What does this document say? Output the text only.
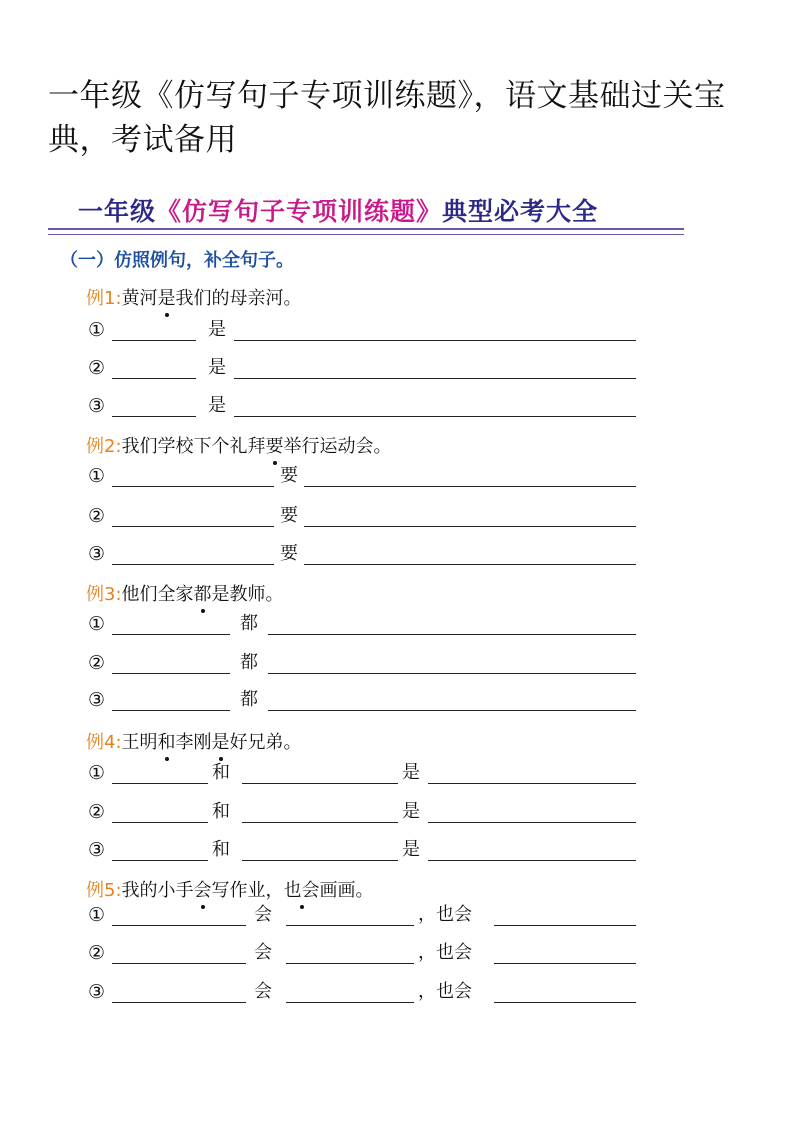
一年级《仿写句子专项训练题》，语文基础过关宝典，考试备用
一年级《仿写句子专项训练题》典型必考大全
（一）仿照例句，补全句子。
例1:黄河是我们的母亲河。
①	是
②	是
③	是
例2:我们学校下个礼拜要举行运动会。
①	要
②	要
③	要
例3:他们全家都是教师。
①	都
②	都
③	都
例4:王明和李刚是好兄弟。
①	和	是
②	和	是
③	和	是
例5:我的小手会写作业，也会画画。
①	会	，也会
②	会	，也会
③	会	，也会
